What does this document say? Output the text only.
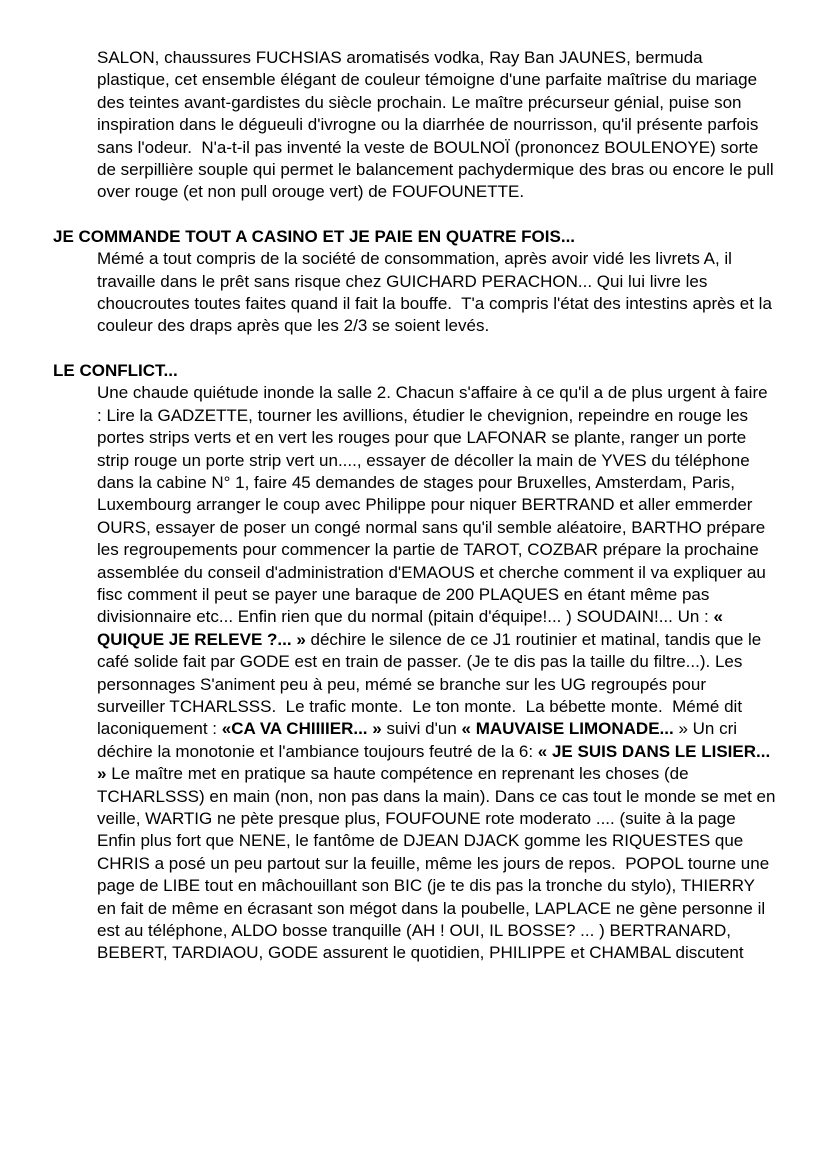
SALON, chaussures FUCHSIAS aromatisés vodka, Ray Ban JAUNES, bermuda plastique, cet ensemble élégant de couleur témoigne d'une parfaite maîtrise du mariage des teintes avant-gardistes du siècle prochain. Le maître précurseur génial, puise son inspiration dans le dégueuli d'ivrogne ou la diarrhée de nourrisson, qu'il présente parfois sans l'odeur.  N'a-t-il pas inventé la veste de BOULNOÏ (prononcez BOULENOYE) sorte de serpillière souple qui permet le balancement pachydermique des bras ou encore le pull over rouge (et non pull orouge vert) de FOUFOUNETTE.

JE COMMANDE TOUT A CASINO ET JE PAIE EN QUATRE FOIS...

Mémé a tout compris de la société de consommation, après avoir vidé les livrets A, il travaille dans le prêt sans risque chez GUICHARD PERACHON... Qui lui livre les choucroutes toutes faites quand il fait la bouffe.  T'a compris l'état des intestins après et la couleur des draps après que les 2/3 se soient levés.

LE CONFLICT...

Une chaude quiétude inonde la salle 2. Chacun s'affaire à ce qu'il a de plus urgent à faire : Lire la GADZETTE, tourner les avillions, étudier le chevignion, repeindre en rouge les portes strips verts et en vert les rouges pour que LAFONAR se plante, ranger un porte strip rouge un porte strip vert un...., essayer de décoller la main de YVES du téléphone dans la cabine N° 1, faire 45 demandes de stages pour Bruxelles, Amsterdam, Paris, Luxembourg arranger le coup avec Philippe pour niquer BERTRAND et aller emmerder OURS, essayer de poser un congé normal sans qu'il semble aléatoire, BARTHO prépare les regroupements pour commencer la partie de TAROT, COZBAR prépare la prochaine assemblée du conseil d'administration d'EMAOUS et cherche comment il va expliquer au fisc comment il peut se payer une baraque de 200 PLAQUES en étant même pas divisionnaire etc... Enfin rien que du normal (pitain d'équipe!... ) SOUDAIN!... Un : « QUIQUE JE RELEVE ?... » déchire le silence de ce J1 routinier et matinal, tandis que le café solide fait par GODE est en train de passer. (Je te dis pas la taille du filtre...). Les personnages S'animent peu à peu, mémé se branche sur les UG regroupés pour surveiller TCHARLSSS.  Le trafic monte.  Le ton monte.  La bébette monte.  Mémé dit laconiquement : «CA VA CHIIIIER... » suivi d'un « MAUVAISE LIMONADE... » Un cri déchire la monotonie et l'ambiance toujours feutré de la 6: « JE SUIS DANS LE LISIER... » Le maître met en pratique sa haute compétence en reprenant les choses (de TCHARLSSS) en main (non, non pas dans la main). Dans ce cas tout le monde se met en veille, WARTIG ne pète presque plus, FOUFOUNE rote moderato .... (suite à la page Enfin plus fort que NENE, le fantôme de DJEAN DJACK gomme les RIQUESTES que CHRIS a posé un peu partout sur la feuille, même les jours de repos.  POPOL tourne une page de LIBE tout en mâchouillant son BIC (je te dis pas la tronche du stylo), THIERRY en fait de même en écrasant son mégot dans la poubelle, LAPLACE ne gène personne il est au téléphone, ALDO bosse tranquille (AH ! OUI, IL BOSSE? ... ) BERTRANARD, BEBERT, TARDIAOU, GODE assurent le quotidien, PHILIPPE et CHAMBAL discutent
